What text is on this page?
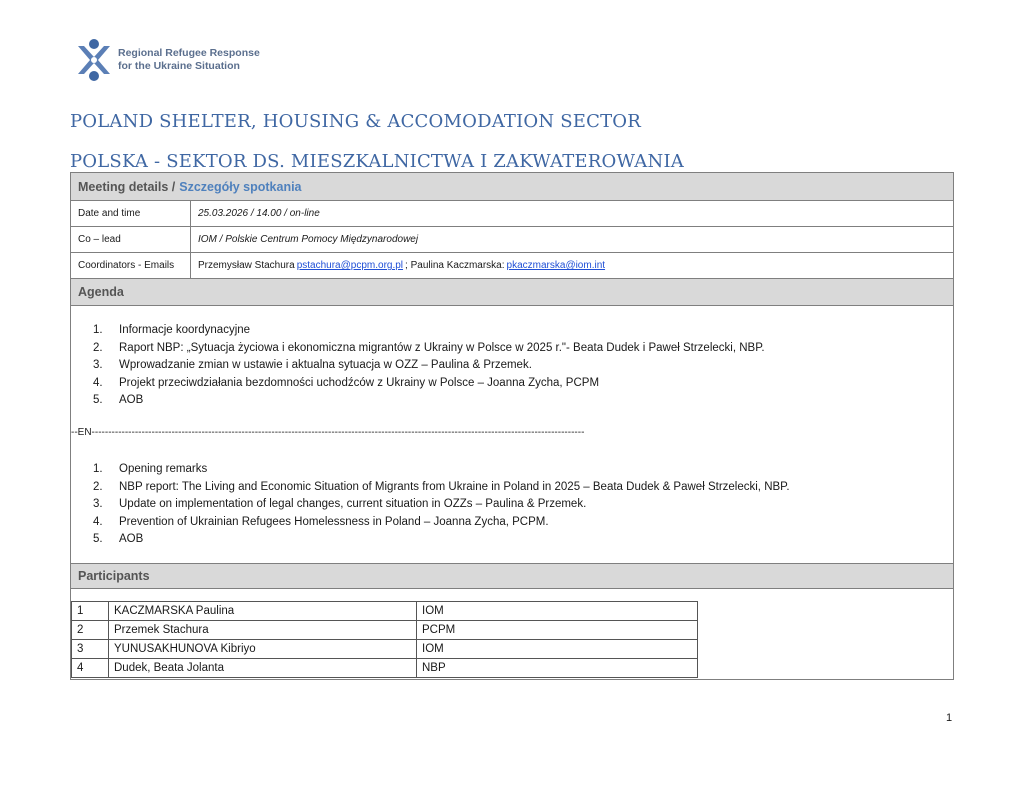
Regional Refugee Response
for the Ukraine Situation
POLAND SHELTER, HOUSING & ACCOMODATION SECTOR
POLSKA - SEKTOR DS. MIESZKALNICTWA I ZAKWATEROWANIA
Meeting details / Szczegóły spotkania
Date and time	25.03.2026 / 14.00 / on-line
Co – lead	IOM / Polskie Centrum Pomocy Międzynarodowej
Coordinators - Emails	Przemysław Stachura pstachura@pcpm.org.pl ; Paulina Kaczmarska: pkaczmarska@iom.int
Agenda
1. Informacje koordynacyjne
2. Raport NBP: „Sytuacja życiowa i ekonomiczna migrantów z Ukrainy w Polsce w 2025 r."- Beata Dudek i Paweł Strzelecki, NBP.
3. Wprowadzanie zmian w ustawie i aktualna sytuacja w OZZ – Paulina & Przemek.
4. Projekt przeciwdziałania bezdomności uchodźców z Ukrainy w Polsce – Joanna Zycha, PCPM
5. AOB
--EN----------------------------------------------------------------------------------------------------------------------------------------------------
1. Opening remarks
2. NBP report: The Living and Economic Situation of Migrants from Ukraine in Poland in 2025 – Beata Dudek & Paweł Strzelecki, NBP.
3. Update on implementation of legal changes, current situation in OZZs – Paulina & Przemek.
4. Prevention of Ukrainian Refugees Homelessness in Poland – Joanna Zycha, PCPM.
5. AOB
Participants
1	KACZMARSKA Paulina	IOM
2	Przemek Stachura	PCPM
3	YUNUSAKHUNOVA Kibriyo	IOM
4	Dudek, Beata Jolanta	NBP
1
